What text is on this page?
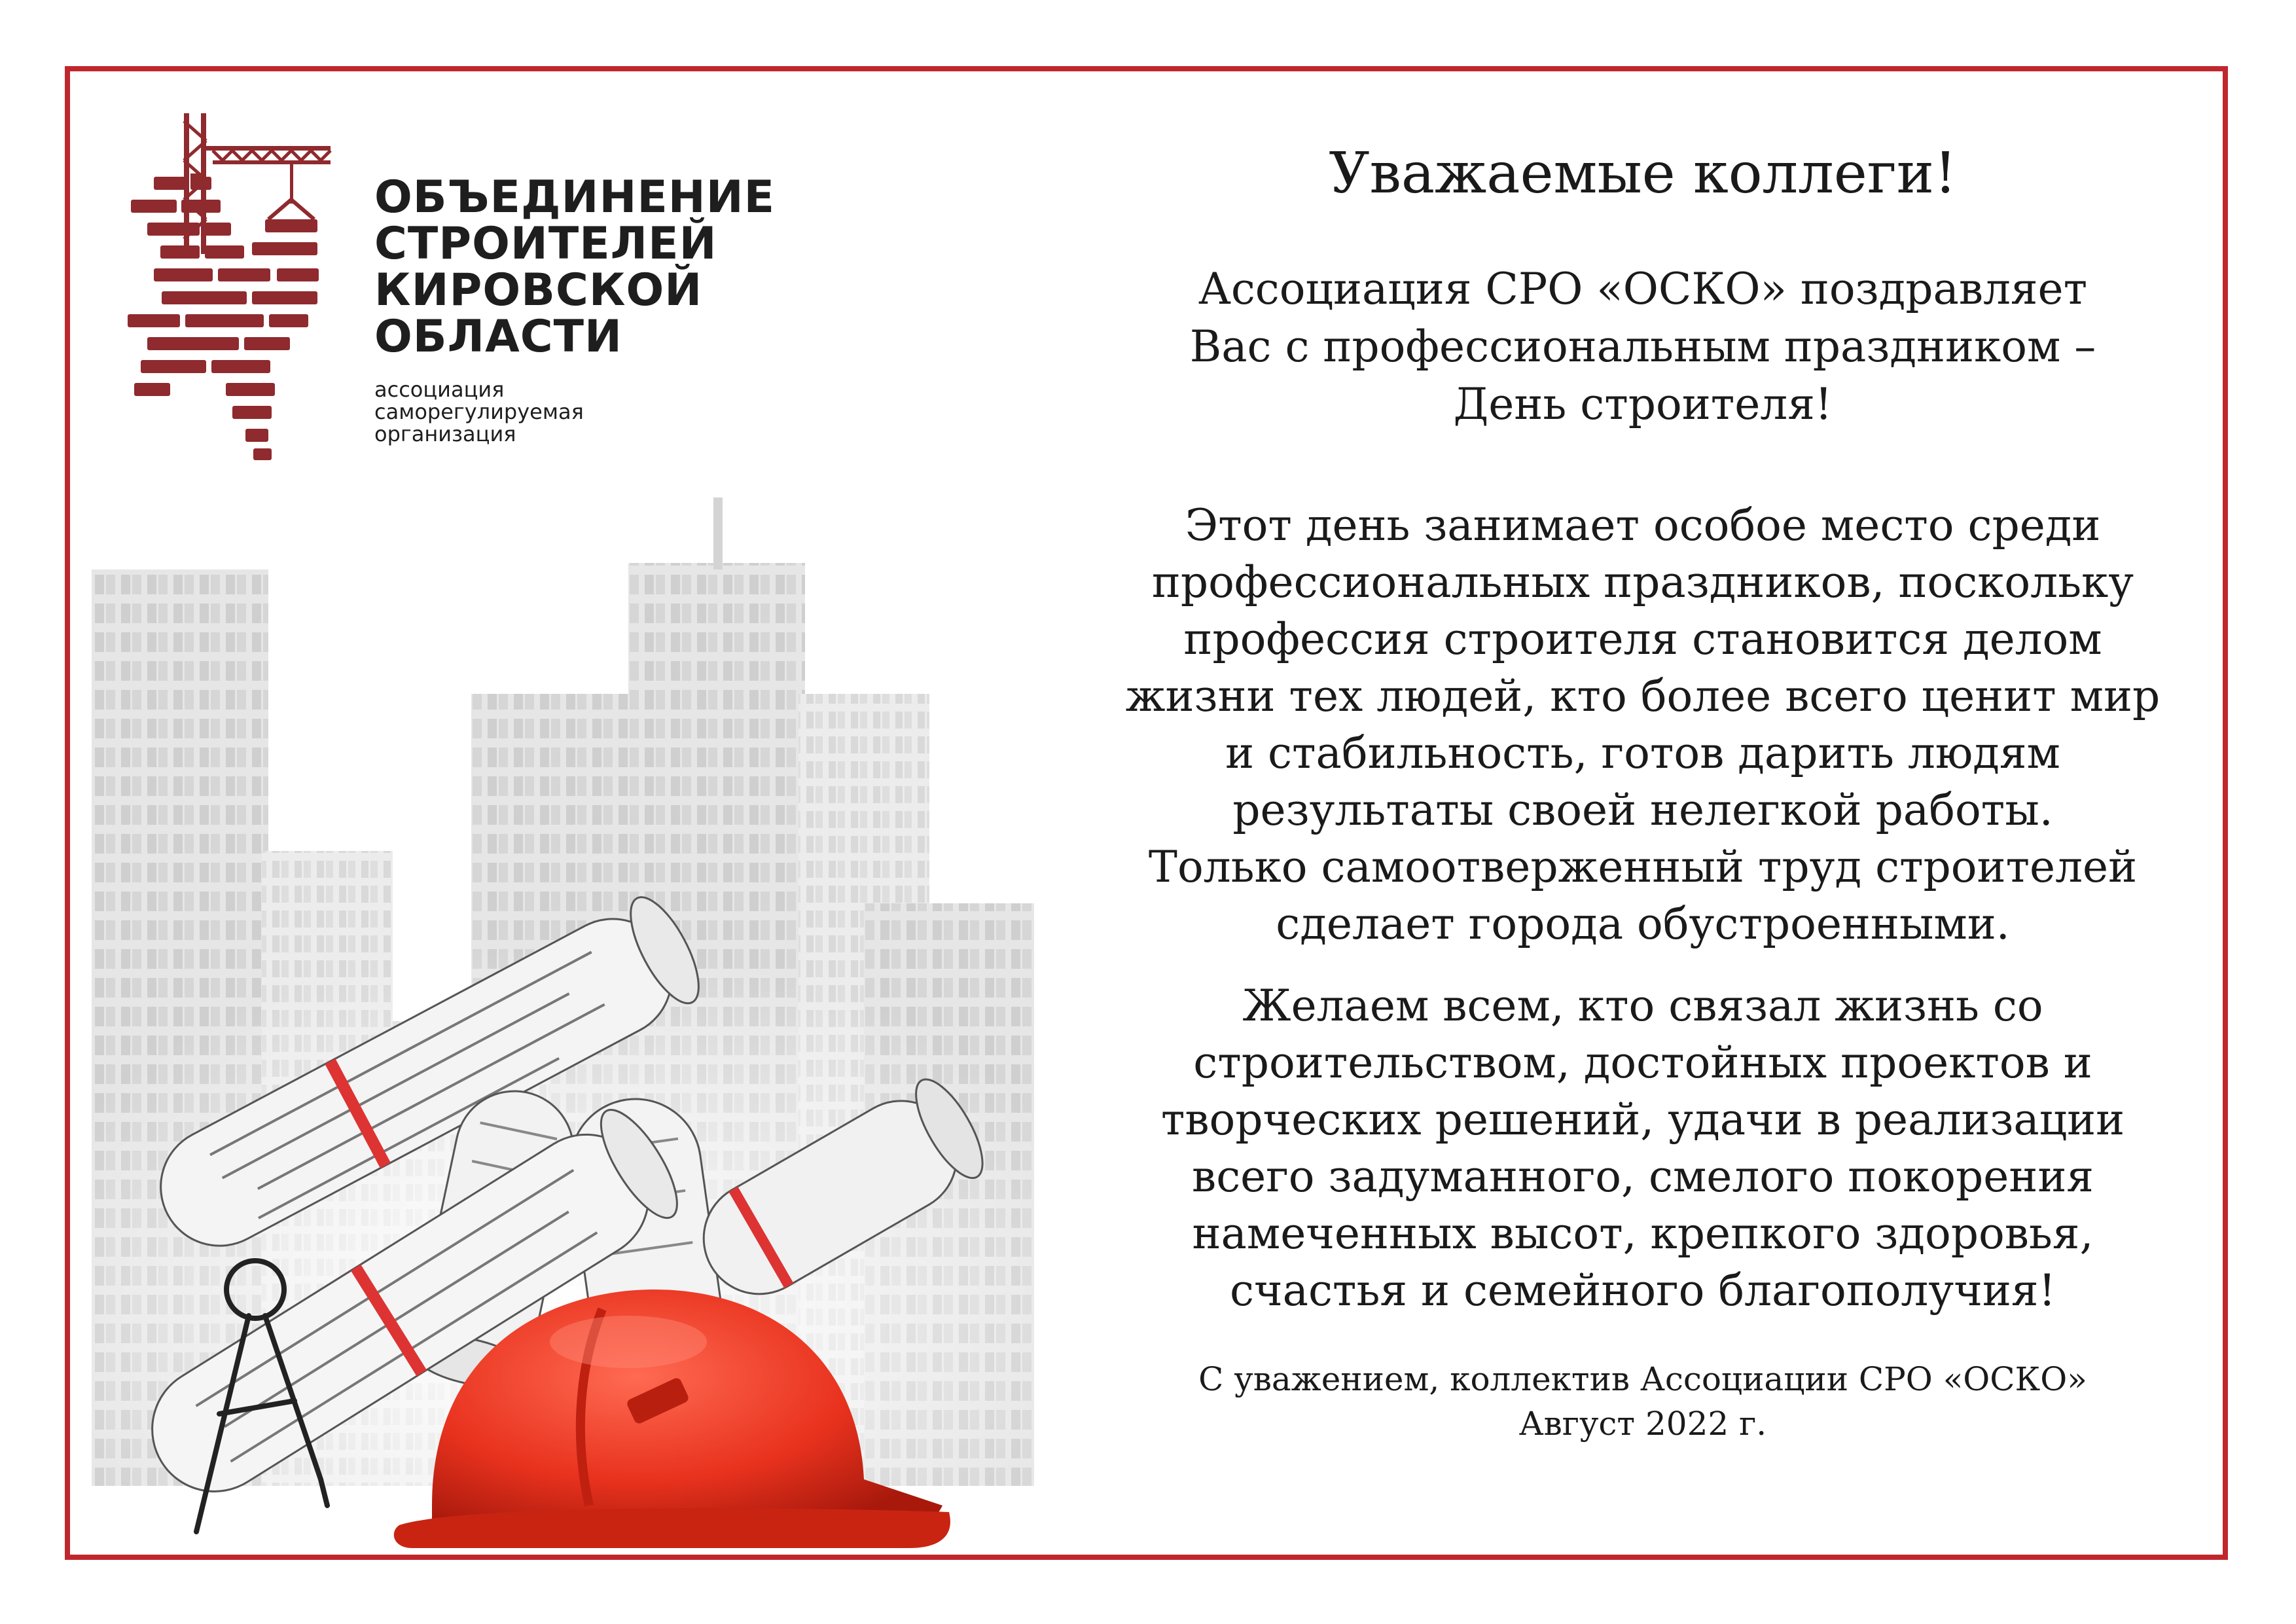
ОБЪЕДИНЕНИЕ
СТРОИТЕЛЕЙ
КИРОВСКОЙ
ОБЛАСТИ
ассоциация
саморегулируемая
организация
Уважаемые коллеги!

Ассоциация СРО «ОСКО» поздравляет
Вас с профессиональным праздником –
День строителя!

Этот день занимает особое место среди
профессиональных праздников, поскольку
профессия строителя становится делом
жизни тех людей, кто более всего ценит мир
и стабильность, готов дарить людям
результаты своей нелегкой работы.
Только самоотверженный труд строителей
сделает города обустроенными.

Желаем всем, кто связал жизнь со
строительством, достойных проектов и
творческих решений, удачи в реализации
всего задуманного, смелого покорения
намеченных высот, крепкого здоровья,
счастья и семейного благополучия!

С уважением, коллектив Ассоциации СРО «ОСКО»
Август 2022 г.
